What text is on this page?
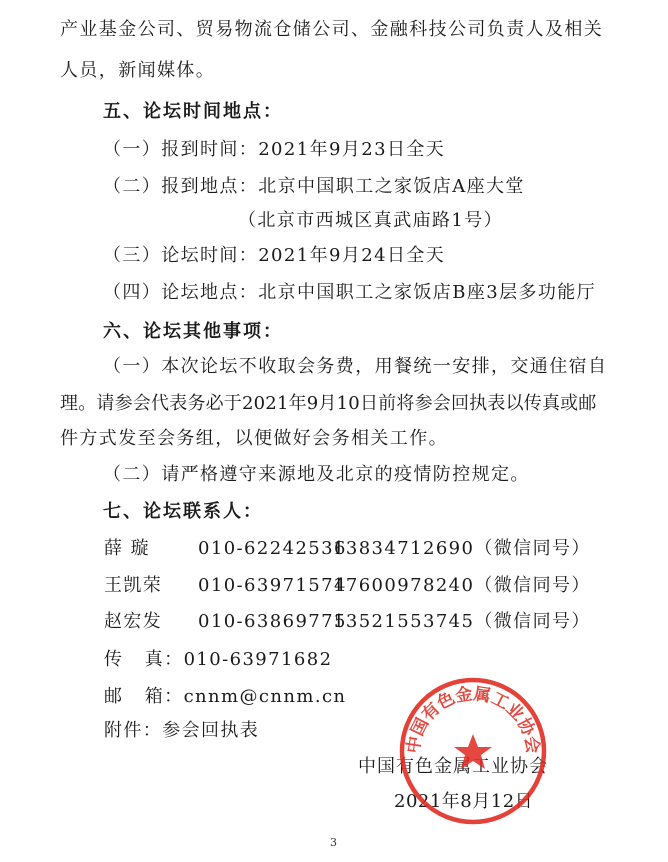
产业基金公司、贸易物流仓储公司、金融科技公司负责人及相关
人员，新闻媒体。
五、论坛时间地点：
（一）报到时间：2021年9月23日全天
（二）报到地点：北京中国职工之家饭店A座大堂
（北京市西城区真武庙路1号）
（三）论坛时间：2021年9月24日全天
（四）论坛地点：北京中国职工之家饭店B座3层多功能厅
六、论坛其他事项：
（一）本次论坛不收取会务费，用餐统一安排，交通住宿自
理。请参会代表务必于2021年9月10日前将参会回执表以传真或邮
件方式发至会务组，以便做好会务相关工作。
（二）请严格遵守来源地及北京的疫情防控规定。
七、论坛联系人：
薛 璇	010-62242536
13834712690（微信同号）
王凯荣 010-63971574
17600978240（微信同号）
赵宏发 010-63869775
13521553745（微信同号）
传   真：010-63971682
邮   箱：cnnm@cnnm.cn
附件：参会回执表
中国有色金属工业协会
2021年8月12日
中国有色金属工业协会
3
